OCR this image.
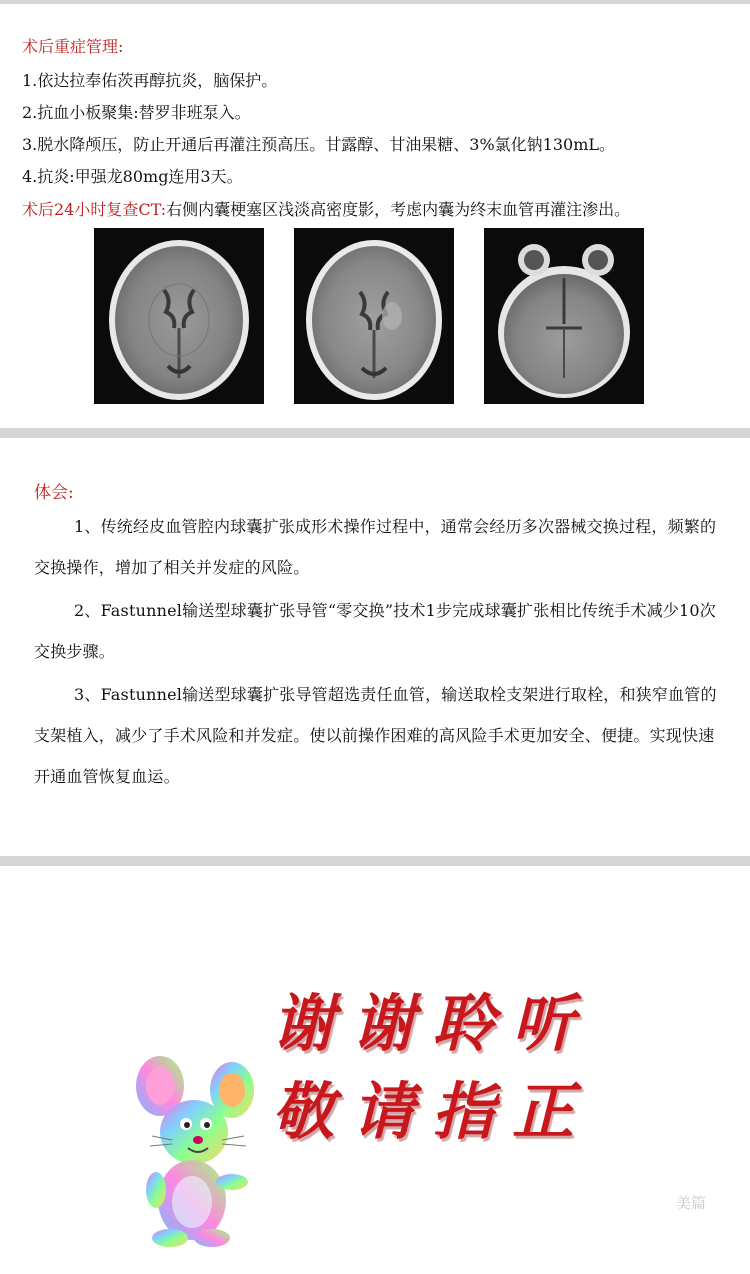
术后重症管理:
1.依达拉奉佑茨再醇抗炎，脑保护。
2.抗血小板聚集:替罗非班泵入。
3.脱水降颅压，防止开通后再灌注预高压。甘露醇、甘油果糖、3%氯化钠130mL。
4.抗炎:甲强龙80mg连用3天。
术后24小时复查CT:右侧内囊梗塞区浅淡高密度影，考虑内囊为终末血管再灌注渗出。
体会:
1、传统经皮血管腔内球囊扩张成形术操作过程中，通常会经历多次器械交换过程，频繁的交换操作，增加了相关并发症的风险。
2、Fastunnel输送型球囊扩张导管“零交换”技术1步完成球囊扩张相比传统手术减少10次交换步骤。
3、Fastunnel输送型球囊扩张导管超选责任血管，输送取栓支架进行取栓，和狭窄血管的支架植入，减少了手术风险和并发症。使以前操作困难的高风险手术更加安全、便捷。实现快速开通血管恢复血运。
谢谢聆听
敬请指正
美篇
